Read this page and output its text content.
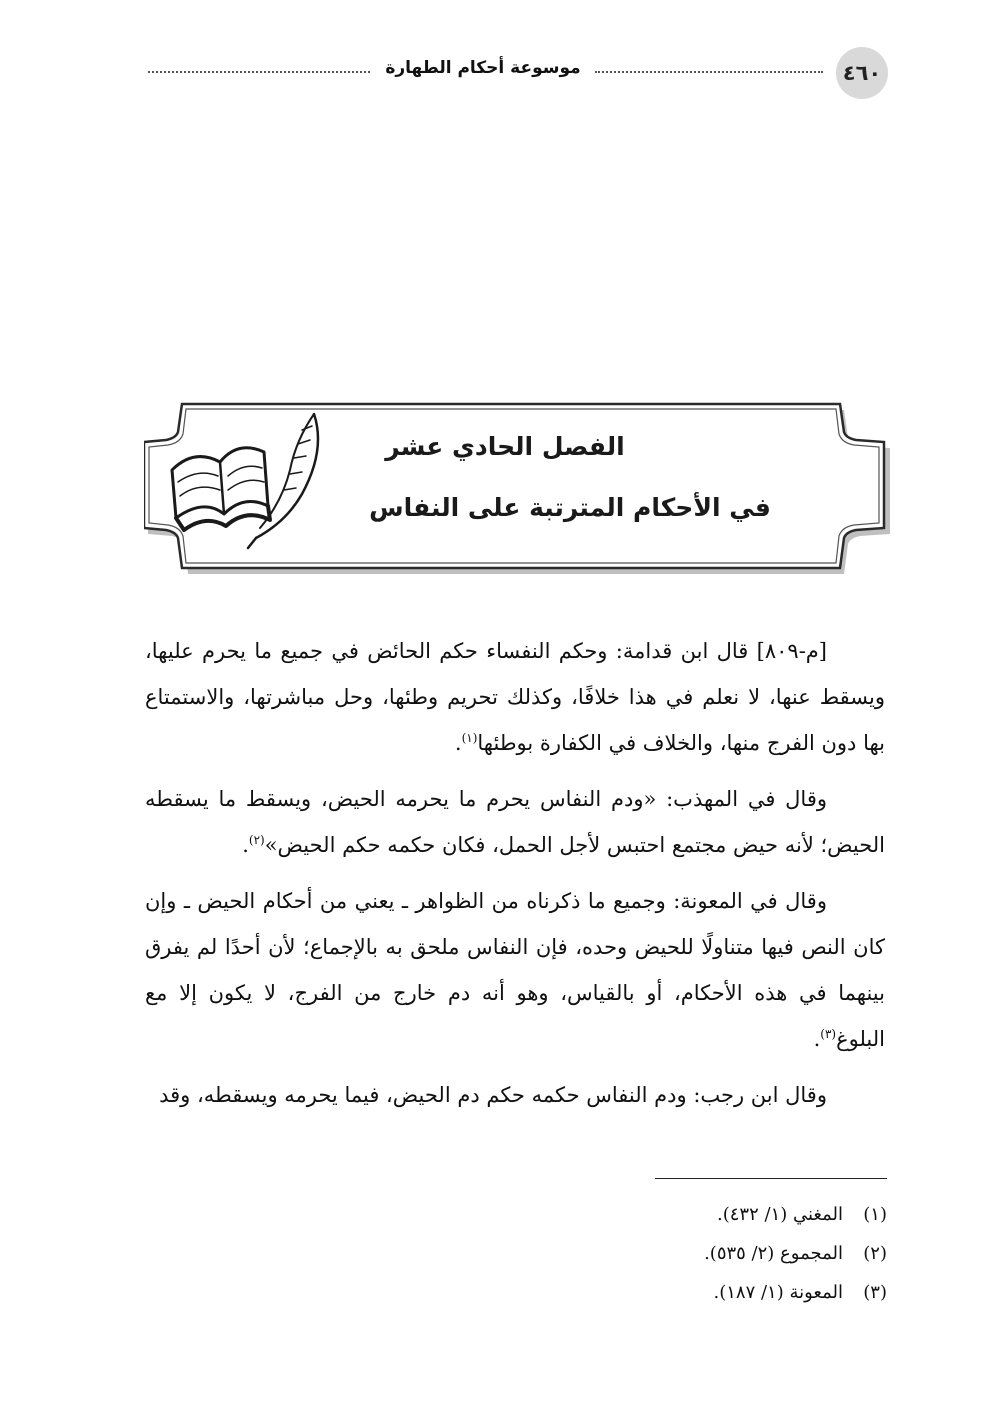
٤٦٠
موسوعة أحكام الطهارة
الفصل الحادي عشر
في الأحكام المترتبة على النفاس

[م-٨٠٩] قال ابن قدامة: وحكم النفساء حكم الحائض في جميع ما يحرم عليها، ويسقط عنها، لا نعلم في هذا خلافًا، وكذلك تحريم وطئها، وحل مباشرتها، والاستمتاع بها دون الفرج منها، والخلاف في الكفارة بوطئها$^{(١)}$.

وقال في المهذب: «ودم النفاس يحرم ما يحرمه الحيض، ويسقط ما يسقطه الحيض؛ لأنه حيض مجتمع احتبس لأجل الحمل، فكان حكمه حكم الحيض»$^{(٢)}$.

وقال في المعونة: وجميع ما ذكرناه من الظواهر ـ يعني من أحكام الحيض ـ وإن كان النص فيها متناولًا للحيض وحده، فإن النفاس ملحق به بالإجماع؛ لأن أحدًا لم يفرق بينهما في هذه الأحكام، أو بالقياس، وهو أنه دم خارج من الفرج، لا يكون إلا مع البلوغ$^{(٣)}$.

وقال ابن رجب: ودم النفاس حكمه حكم دم الحيض، فيما يحرمه ويسقطه، وقد

(١)المغني (١/ ٤٣٢).
(٢)المجموع (٢/ ٥٣٥).
(٣)المعونة (١/ ١٨٧).
